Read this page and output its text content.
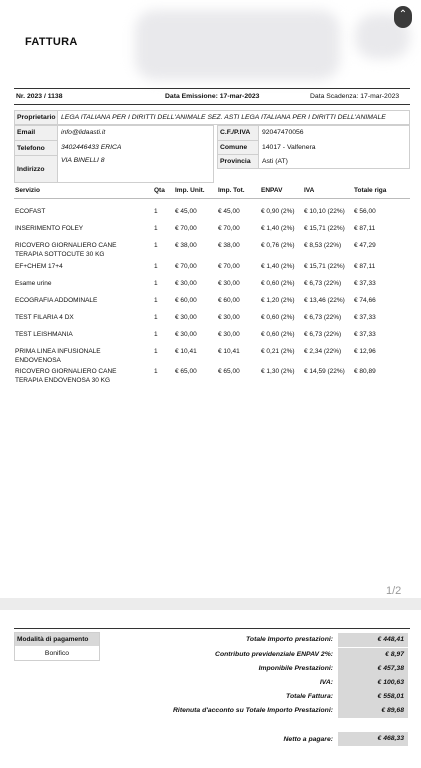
FATTURA
⌃
Nr. 2023 / 1138	Data Emissione: 17-mar-2023	Data Scadenza: 17-mar-2023
Proprietario LEGA ITALIANA PER I DIRITTI DELL'ANIMALE SEZ. ASTI LEGA ITALIANA PER I DIRITTI DELL'ANIMALE
Email	info@lidaasti.it
Telefono	3402446433 ERICA
Indirizzo
VIA BINELLI 8
C.F./P.IVA	92047470056
Comune	14017 - Valfenera
Provincia	Asti (AT)
Servizio	Qta Imp. Unit. Imp. Tot.	ENPAV	IVA	Totale riga
ECOFAST	1	€ 45,00	€ 45,00	€ 0,90 (2%) € 10,10 (22%) € 56,00
INSERIMENTO FOLEY	1	€ 70,00	€ 70,00	€ 1,40 (2%) € 15,71 (22%) € 87,11
RICOVERO GIORNALIERO CANE
TERAPIA SOTTOCUTE 30 KG
1	€ 38,00	€ 38,00	€ 0,76 (2%) € 8,53 (22%) € 47,29
EF+CHEM 17+4	1	€ 70,00	€ 70,00	€ 1,40 (2%) € 15,71 (22%) € 87,11
Esame urine	1	€ 30,00	€ 30,00	€ 0,60 (2%) € 6,73 (22%) € 37,33
ECOGRAFIA ADDOMINALE	1	€ 60,00	€ 60,00	€ 1,20 (2%) € 13,46 (22%) € 74,66
TEST FILARIA 4 DX	1	€ 30,00	€ 30,00	€ 0,60 (2%) € 6,73 (22%) € 37,33
TEST LEISHMANIA	1	€ 30,00	€ 30,00	€ 0,60 (2%) € 6,73 (22%) € 37,33
PRIMA LINEA INFUSIONALE
ENDOVENOSA
1	€ 10,41	€ 10,41	€ 0,21 (2%) € 2,34 (22%) € 12,96
RICOVERO GIORNALIERO CANE
TERAPIA ENDOVENOSA 30 KG
1	€ 65,00	€ 65,00	€ 1,30 (2%) € 14,59 (22%) € 80,89
1/2
Modalità di pagamento
Bonifico
Totale Importo prestazioni:	€ 448,41
Contributo previdenziale ENPAV 2%:	€ 8,97
Imponibile Prestazioni:	€ 457,38
IVA:	€ 100,63
Totale Fattura:	€ 558,01
Ritenuta d'acconto su Totale Importo Prestazioni:	€ 89,68
Netto a pagare:	€ 468,33
